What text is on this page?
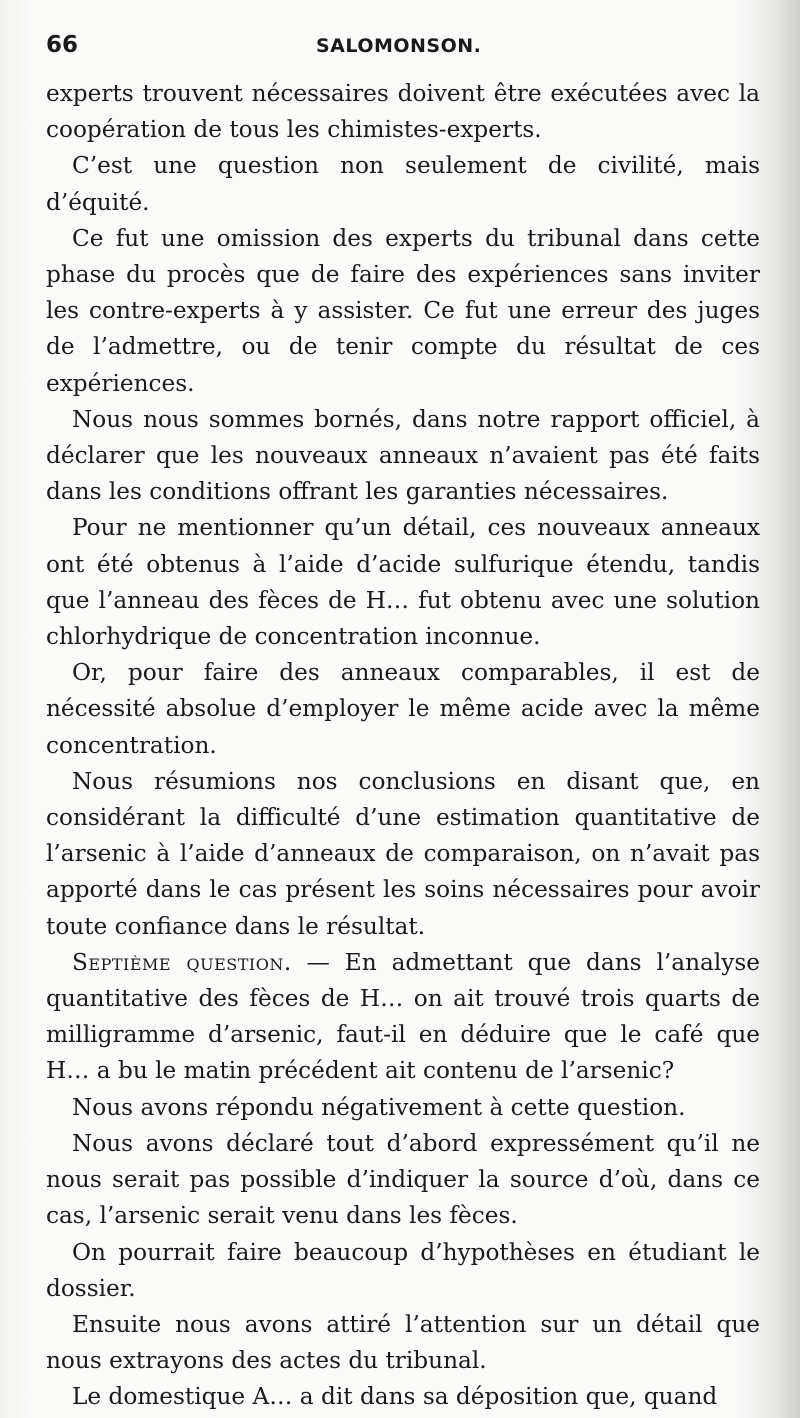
66	SALOMONSON.

experts trouvent nécessaires doivent être exécutées avec la coopération de tous les chimistes-experts.

C’est une question non seulement de civilité, mais d’équité.

Ce fut une omission des experts du tribunal dans cette phase du procès que de faire des expériences sans inviter les contre-experts à y assister. Ce fut une erreur des juges de l’admettre, ou de tenir compte du résultat de ces expériences.

Nous nous sommes bornés, dans notre rapport officiel, à déclarer que les nouveaux anneaux n’avaient pas été faits dans les conditions offrant les garanties nécessaires.

Pour ne mentionner qu’un détail, ces nouveaux anneaux ont été obtenus à l’aide d’acide sulfurique étendu, tandis que l’anneau des fèces de H… fut obtenu avec une solution chlorhydrique de concentration inconnue.

Or, pour faire des anneaux comparables, il est de nécessité absolue d’employer le même acide avec la même concentration.

Nous résumions nos conclusions en disant que, en considérant la difficulté d’une estimation quantitative de l’arsenic à l’aide d’anneaux de comparaison, on n’avait pas apporté dans le cas présent les soins nécessaires pour avoir toute confiance dans le résultat.

Septième question. — En admettant que dans l’analyse quantitative des fèces de H… on ait trouvé trois quarts de milligramme d’arsenic, faut-il en déduire que le café que H… a bu le matin précédent ait contenu de l’arsenic?

Nous avons répondu négativement à cette question.

Nous avons déclaré tout d’abord expressément qu’il ne nous serait pas possible d’indiquer la source d’où, dans ce cas, l’arsenic serait venu dans les fèces.

On pourrait faire beaucoup d’hypothèses en étudiant le dossier.

Ensuite nous avons attiré l’attention sur un détail que nous extrayons des actes du tribunal.

Le domestique A… a dit dans sa déposition que, quand
